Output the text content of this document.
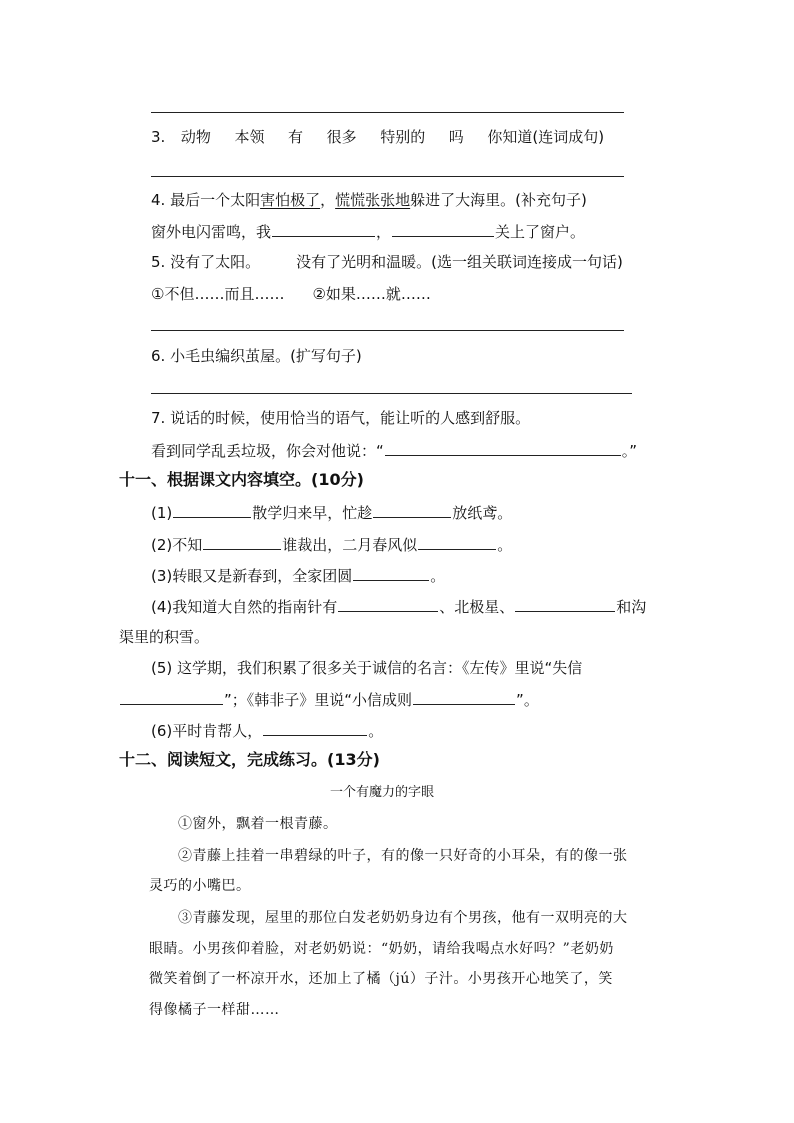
3. 动物 本领 有 很多 特别的 吗 你知道(连词成句)
4. 最后一个太阳害怕极了，慌慌张张地躲进了大海里。(补充句子)
窗外电闪雷鸣，我	，	关上了窗户。
5. 没有了太阳。 没有了光明和温暖。(选一组关联词连接成一句话)
①不但……而且…… ②如果……就……
6. 小毛虫编织茧屋。(扩写句子)
7. 说话的时候，使用恰当的语气，能让听的人感到舒服。
看到同学乱丢垃圾，你会对他说：“	。”
十一、根据课文内容填空。(10分)
(1)	散学归来早，忙趁	放纸鸢。
(2)不知	谁裁出，二月春风似	。
(3)转眼又是新春到，全家团圆	。
(4)我知道大自然的指南针有	、北极星、	和沟
渠里的积雪。
(5) 这学期，我们积累了很多关于诚信的名言：《左传》里说“失信
”；《韩非子》里说“小信成则	”。
(6)平时肯帮人，	。
十二、阅读短文，完成练习。(13分)
一个有魔力的字眼
①窗外，飘着一根青藤。
②青藤上挂着一串碧绿的叶子，有的像一只好奇的小耳朵，有的像一张
灵巧的小嘴巴。
③青藤发现，屋里的那位白发老奶奶身边有个男孩，他有一双明亮的大
眼睛。小男孩仰着脸，对老奶奶说：“奶奶，请给我喝点水好吗？”老奶奶
微笑着倒了一杯凉开水，还加上了橘（jú）子汁。小男孩开心地笑了，笑
得像橘子一样甜……
